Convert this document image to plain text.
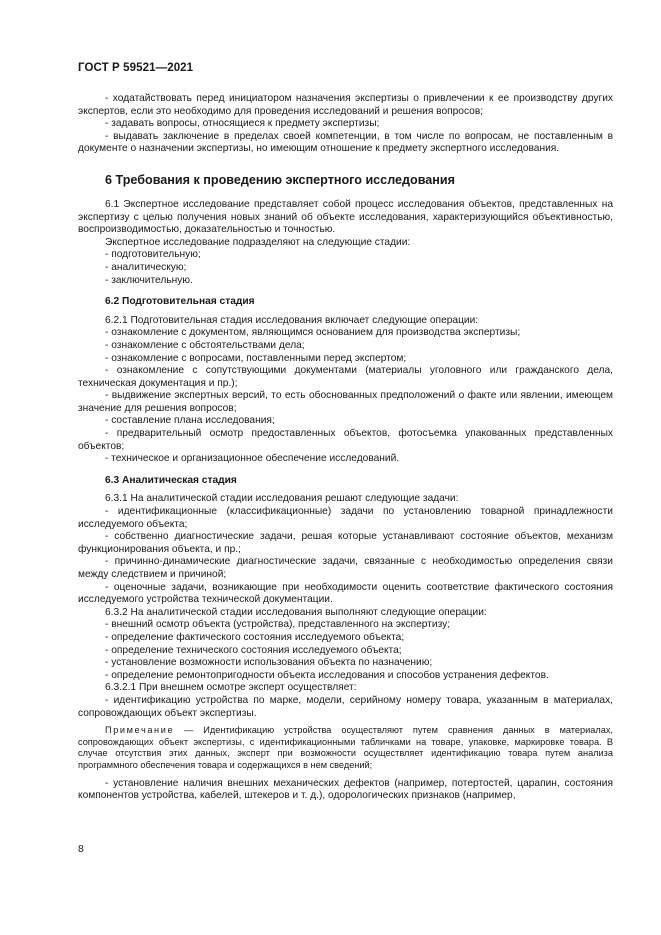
ГОСТ Р 59521—2021

- ходатайствовать перед инициатором назначения экспертизы о привлечении к ее производству других экспертов, если это необходимо для проведения исследований и решения вопросов;

- задавать вопросы, относящиеся к предмету экспертизы;

- выдавать заключение в пределах своей компетенции, в том числе по вопросам, не поставленным в документе о назначении экспертизы, но имеющим отношение к предмету экспертного исследования.

6 Требования к проведению экспертного исследования

6.1 Экспертное исследование представляет собой процесс исследования объектов, представленных на экспертизу с целью получения новых знаний об объекте исследования, характеризующийся объективностью, воспроизводимостью, доказательностью и точностью.

Экспертное исследование подразделяют на следующие стадии:

- подготовительную;

- аналитическую;

- заключительную.

6.2 Подготовительная стадия

6.2.1 Подготовительная стадия исследования включает следующие операции:

- ознакомление с документом, являющимся основанием для производства экспертизы;

- ознакомление с обстоятельствами дела;

- ознакомление с вопросами, поставленными перед экспертом;

- ознакомление с сопутствующими документами (материалы уголовного или гражданского дела, техническая документация и пр.);

- выдвижение экспертных версий, то есть обоснованных предположений о факте или явлении, имеющем значение для решения вопросов;

- составление плана исследования;

- предварительный осмотр предоставленных объектов, фотосъемка упакованных представленных объектов;

- техническое и организационное обеспечение исследований.

6.3 Аналитическая стадия

6.3.1 На аналитической стадии исследования решают следующие задачи:

- идентификационные (классификационные) задачи по установлению товарной принадлежности исследуемого объекта;

- собственно диагностические задачи, решая которые устанавливают состояние объектов, механизм функционирования объекта, и пр.;

- причинно-динамические диагностические задачи, связанные с необходимостью определения связи между следствием и причиной;

- оценочные задачи, возникающие при необходимости оценить соответствие фактического состояния исследуемого устройства технической документации.

6.3.2 На аналитической стадии исследования выполняют следующие операции:

- внешний осмотр объекта (устройства), представленного на экспертизу;

- определение фактического состояния исследуемого объекта;

- определение технического состояния исследуемого объекта;

- установление возможности использования объекта по назначению;

- определение ремонтопригодности объекта исследования и способов устранения дефектов.

6.3.2.1 При внешнем осмотре эксперт осуществляет:

- идентификацию устройства по марке, модели, серийному номеру товара, указанным в материалах, сопровождающих объект экспертизы.

Примечание — Идентификацию устройства осуществляют путем сравнения данных в материалах, сопровождающих объект экспертизы, с идентификационными табличками на товаре, упаковке, маркировке товара. В случае отсутствия этих данных, эксперт при возможности осуществляет идентификацию товара путем анализа программного обеспечения товара и содержащихся в нем сведений;

- установление наличия внешних механических дефектов (например, потертостей, царапин, состояния компонентов устройства, кабелей, штекеров и т. д.), одорологических признаков (например,

8
